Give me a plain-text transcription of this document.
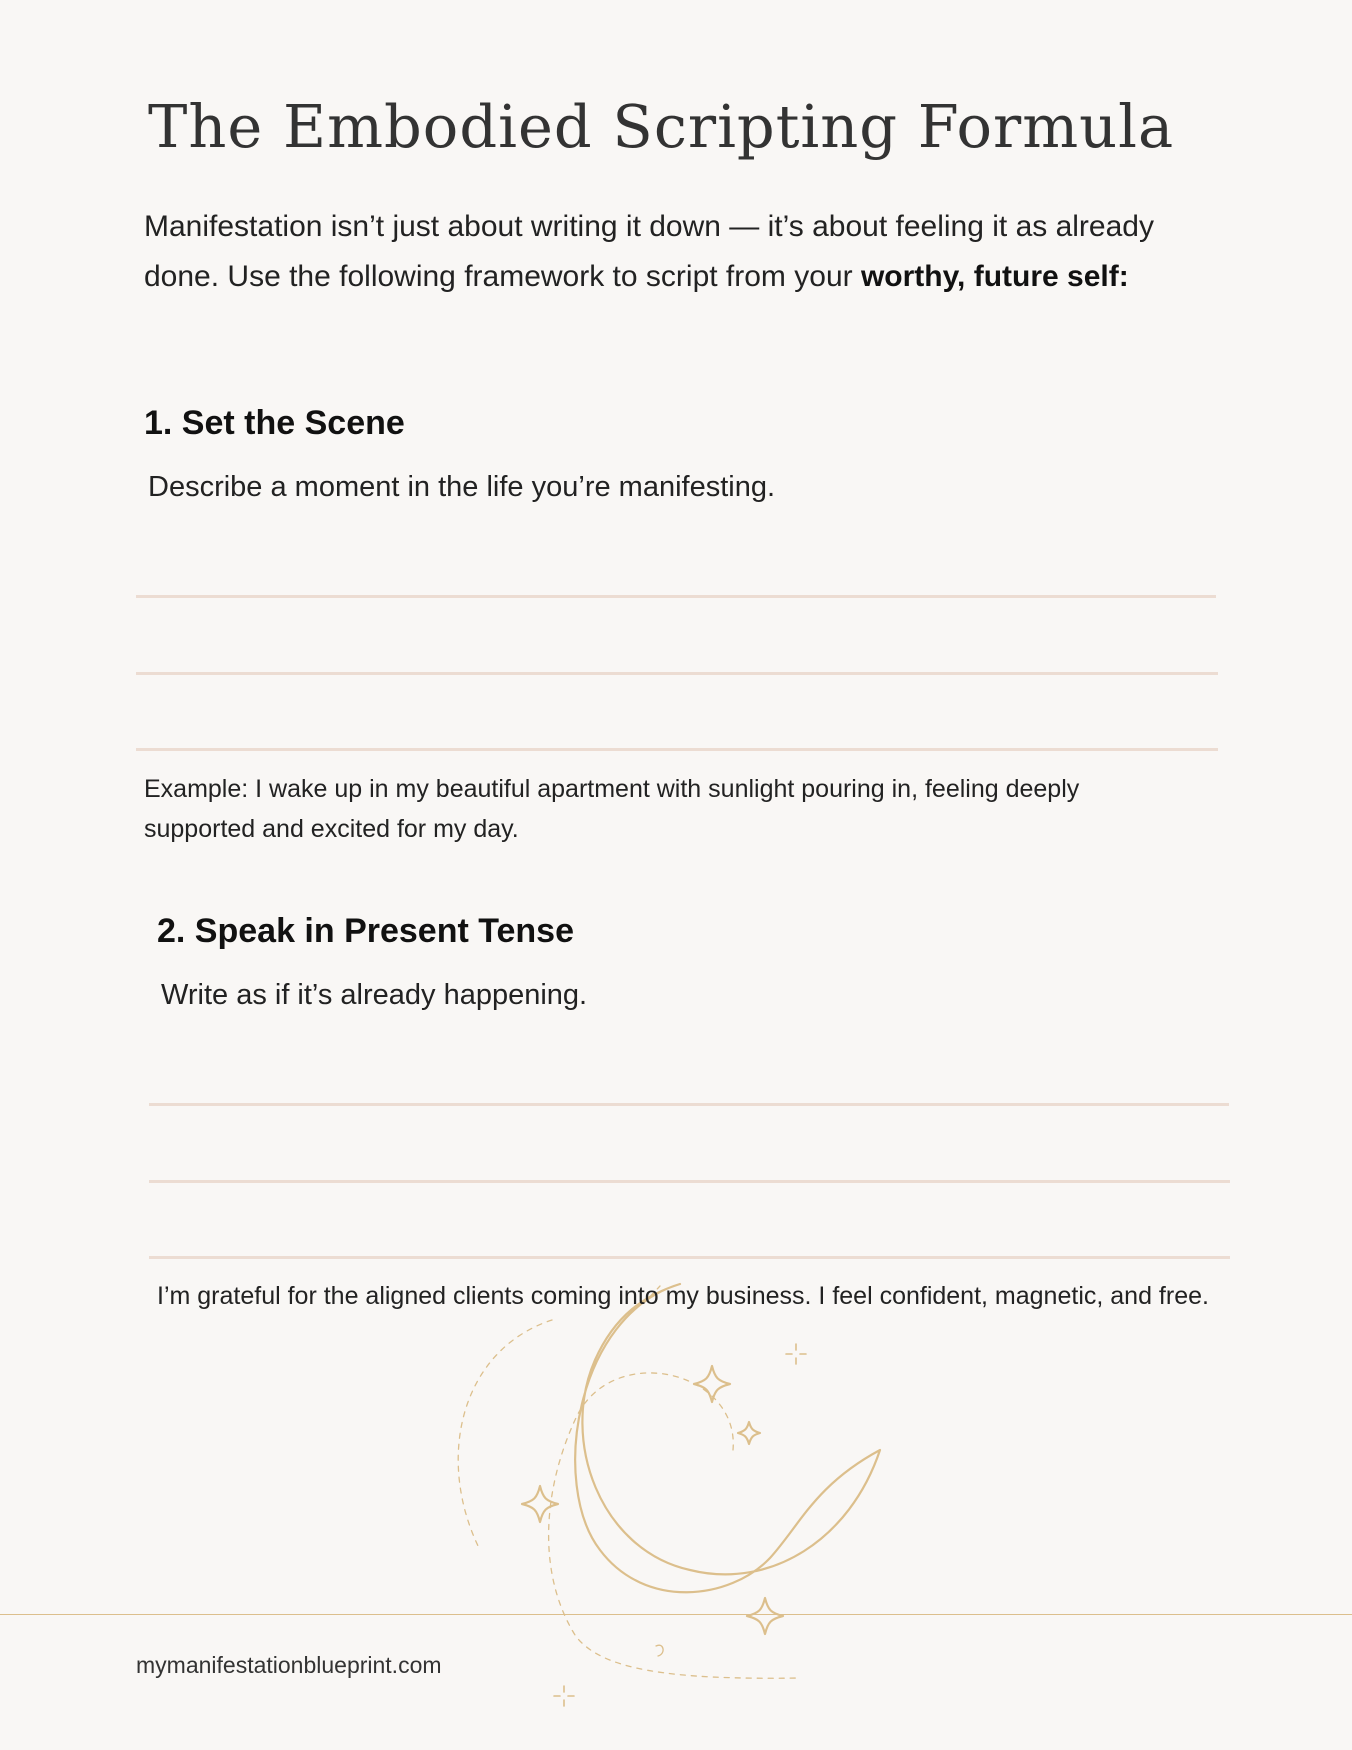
The Embodied Scripting Formula

Manifestation isn’t just about writing it down — it’s about feeling it as already done. Use the following framework to script from your worthy, future self:

1. Set the Scene

Describe a moment in the life you’re manifesting.

Example: I wake up in my beautiful apartment with sunlight pouring in, feeling deeply supported and excited for my day.

2. Speak in Present Tense

Write as if it’s already happening.

I’m grateful for the aligned clients coming into my business. I feel confident, magnetic, and free.

mymanifestationblueprint.com
